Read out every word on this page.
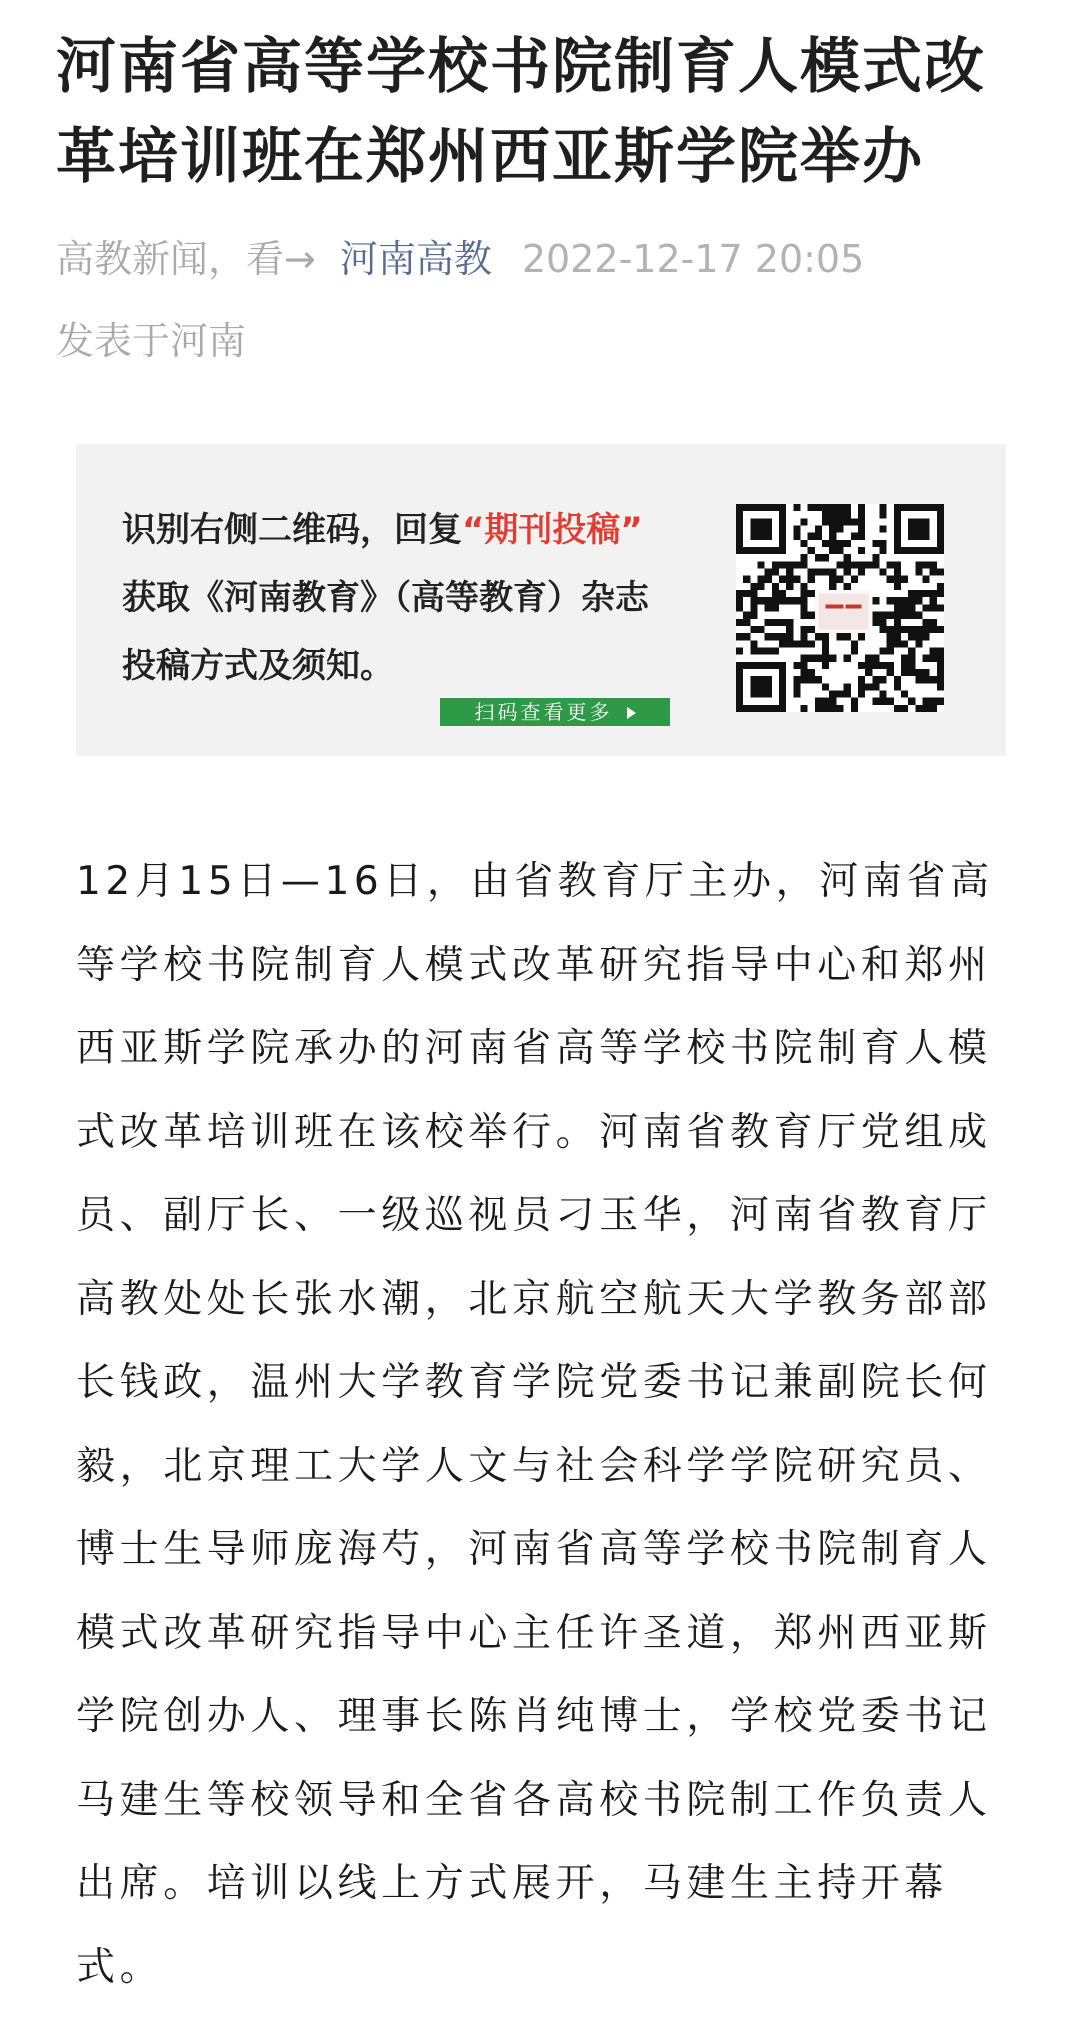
河南省高等学校书院制育人模式改革培训班在郑州西亚斯学院举办
高教新闻，看→ 河南高教 2022-12-17 20:05
发表于河南
识别右侧二维码，回复“期刊投稿”
获取《河南教育》（高等教育）杂志
投稿方式及须知。
扫码查看更多

12月15日—16日，由省教育厅主办，河南省高等学校书院制育人模式改革研究指导中心和郑州西亚斯学院承办的河南省高等学校书院制育人模式改革培训班在该校举行。河南省教育厅党组成员、副厅长、一级巡视员刁玉华，河南省教育厅高教处处长张水潮，北京航空航天大学教务部部长钱政，温州大学教育学院党委书记兼副院长何毅，北京理工大学人文与社会科学学院研究员、博士生导师庞海芍，河南省高等学校书院制育人模式改革研究指导中心主任许圣道，郑州西亚斯学院创办人、理事长陈肖纯博士，学校党委书记马建生等校领导和全省各高校书院制工作负责人出席。培训以线上方式展开，马建生主持开幕式。
